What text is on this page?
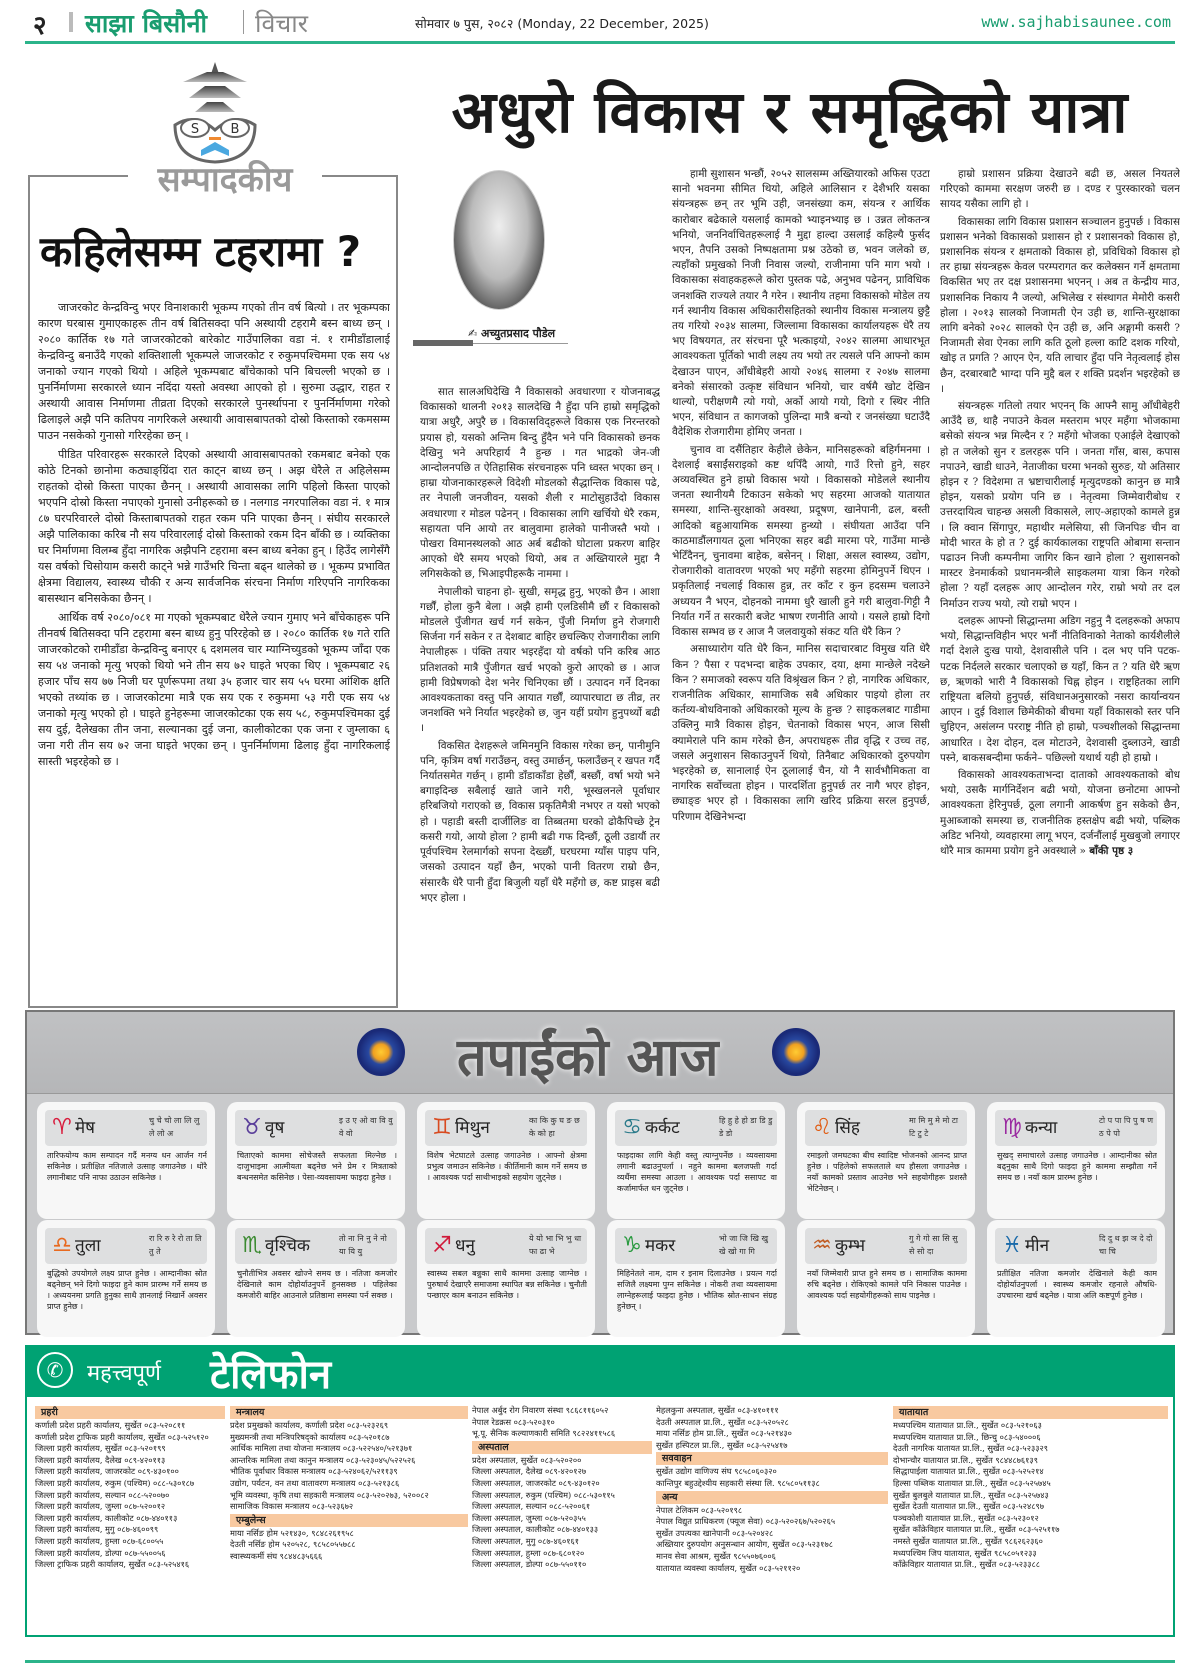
२ साझा बिसौनी विचार	सोमवार ७ पुस, २०८२ (Monday, 22 December, 2025)	www.sajhabisaunee.com
S B
सम्पादकीय
कहिलेसम्म टहरामा ?

जाजरकोट केन्द्रविन्दु भएर विनाशकारी भूकम्प गएको तीन वर्ष बित्यो । तर भूकम्पका कारण घरबास गुमाएकाहरू तीन वर्ष बितिसक्दा पनि अस्थायी टहरामै बस्न बाध्य छन् । २०८० कार्तिक १७ गते जाजरकोटको बारेकोट गाउँपालिका वडा नं. १ रामीडाँडालाई केन्द्रविन्दु बनाउँदै गएको शक्तिशाली भूकम्पले जाजरकोट र रुकुमपश्चिममा एक सय ५४ जनाको ज्यान गएको थियो । अहिले भूकम्पबाट बाँचेकाको पनि बिचल्ली भएको छ । पुनर्निर्माणमा सरकारले ध्यान नदिंदा यस्तो अवस्था आएको हो । सुरुमा उद्धार, राहत र अस्थायी आवास निर्माणमा तीव्रता दिएको सरकारले पुनर्स्थापना र पुनर्निर्माणमा गरेको ढिलाइले अझै पनि कतिपय नागरिकले अस्थायी आवासबापतको दोस्रो किस्ताको रकमसम्म पाउन नसकेको गुनासो गरिरहेका छन् ।

पीडित परिवारहरू सरकारले दिएको अस्थायी आवासबापतको रकमबाट बनेको एक कोठे टिनको छानोमा कठ्याङ्ग्रिंदा रात काट्न बाध्य छन् । अझ धेरैले त अहिलेसम्म राहतको दोस्रो किस्ता पाएका छैनन् । अस्थायी आवासका लागि पहिलो किस्ता पाएको भएपनि दोस्रो किस्ता नपाएको गुनासो उनीहरूको छ । नलगाड नगरपालिका वडा नं. १ मात्र ८७ घरपरिवारले दोस्रो किस्ताबापतको राहत रकम पनि पाएका छैनन् । संघीय सरकारले अझै पालिकाका करिब नौ सय परिवारलाई दोस्रो किस्ताको रकम दिन बाँकी छ । व्यक्तिका घर निर्माणमा विलम्ब हुँदा नागरिक अझैपनि टहरामा बस्न बाध्य बनेका हुन् । हिउँद लागेसँगै यस वर्षको चिसोयाम कसरी काट्ने भन्ने गाउँभरि चिन्ता बढ्न थालेको छ । भूकम्प प्रभावित क्षेत्रमा विद्यालय, स्वास्थ्य चौकी र अन्य सार्वजनिक संरचना निर्माण गरिएपनि नागरिकका बासस्थान बनिसकेका छैनन् ।

आर्थिक वर्ष २०८०/०८१ मा गएको भूकम्पबाट धेरैले ज्यान गुमाए भने बाँचेकाहरू पनि तीनवर्ष बितिसक्दा पनि टहरामा बस्न बाध्य हुनु परिरहेको छ । २०८० कार्तिक १७ गते राति जाजरकोटको रामीडाँडा केन्द्रविन्दु बनाएर ६ दशमलव चार म्याग्निच्युडको भूकम्प जाँदा एक सय ५४ जनाको मृत्यु भएको थियो भने तीन सय ७२ घाइते भएका थिए । भूकम्पबाट २६ हजार पाँच सय ७७ निजी घर पूर्णरूपमा तथा ३५ हजार चार सय ५५ घरमा आंशिक क्षति भएको तथ्यांक छ । जाजरकोटमा मात्रै एक सय एक र रुकुममा ५३ गरी एक सय ५४ जनाको मृत्यु भएको हो । घाइते हुनेहरूमा जाजरकोटका एक सय ५८, रुकुमपश्चिमका दुई सय दुई, दैलेखका तीन जना, सल्यानका दुई जना, कालीकोटका एक जना र जुम्लाका ६ जना गरी तीन सय ७२ जना घाइते भएका छन् । पुनर्निर्माणमा ढिलाइ हुँदा नागरिकलाई सास्ती भइरहेको छ ।

अधुरो विकास र समृद्धिको यात्रा
✍ अच्युतप्रसाद पौडेल

सात सालअघिदेखि नै विकासको अवधारणा र योजनाबद्ध विकासको थालनी २०१३ सालदेखि नै हुँदा पनि हाम्रो समृद्धिको यात्रा अधुरै, अपुरै छ । विकासविद्हरूले विकास एक निरन्तरको प्रयास हो, यसको अन्तिम बिन्दु हुँदैन भने पनि विकासको छनक देखिनु भने अपरिहार्य नै हुन्छ । गत भाद्रको जेन-जी आन्दोलनपछि त ऐतिहासिक संरचनाहरू पनि ध्वस्त भएका छन् । हाम्रा योजनाकारहरूले विदेशी मोडलको सैद्धान्तिक विकास पढे, तर नेपाली जनजीवन, यसको शैली र माटोसुहाउँदो विकास अवधारणा र मोडल पढेनन् । विकासका लागि खर्चियो धेरै रकम, सहायता पनि आयो तर बालुवामा हालेको पानीजस्तै भयो । पोखरा विमानस्थलको आठ अर्ब बढीको घोटाला प्रकरण बाहिर आएको धेरै समय भएको थियो, अब त अख्तियारले मुद्दा नै लगिसकेको छ, भिआइपीहरूकै नाममा ।

नेपालीको चाहना हो- सुखी, समृद्ध हुनु, भएको छैन । आशा गर्छौं, होला कुनै बेला । अझै हामी एलडिसीमै छौं र विकासको मोडलले पुँजीगत खर्च गर्न सकेन, पुँजी निर्माण हुने रोजगारी सिर्जना गर्न सकेन र त देशबाट बाहिर छचल्किए रोजगारीका लागि नेपालीहरू । पंक्ति तयार भइरहँदा यो वर्षको पनि करिब आठ प्रतिशतको मात्रै पुँजीगत खर्च भएको कुरो आएको छ । आज हामी विप्रेषणको देश भनेर चिनिएका छौं । उत्पादन गर्ने दिनका आवश्यकताका वस्तु पनि आयात गर्छौं, व्यापारघाटा छ तीव्र, तर जनशक्ति भने निर्यात भइरहेको छ, जुन यहीं प्रयोग हुनुपर्थ्यो बढी ।

विकसित देशहरूले जमिनमुनि विकास गरेका छन्, पानीमुनि पनि, कृत्रिम वर्षा गराउँछन्, वस्तु उमार्छन्, फलाउँछन् र खपत गर्दै निर्यातसमेत गर्छन् । हामी डाँडाकाँडा हेर्छौं, बस्छौं, वर्षा भयो भने बगाइदिन्छ सबैलाई खाते जाने गरी, भूस्खलनले पूर्वाधार हरिबजियो गराएको छ, विकास प्रकृतिमैत्री नभएर त यसो भएको हो । पहाडी बस्ती दार्जीलिङ वा तिब्बतमा घरको ढोकैपिच्छे ट्रेन कसरी गयो, आयो होला ? हामी बढी गफ दिन्छौं, ठूली उडायौं तर पूर्वपश्चिम रेलमार्गको सपना देख्छौं, घरघरमा ग्याँस पाइप पनि, जसको उत्पादन यहाँ छैन, भएको पानी वितरण राम्रो छैन, संसारकै धेरै पानी हुँदा बिजुली यहाँ धेरै महँगो छ, कष्ट प्राइस बढी भएर होला ।

हामी सुशासन भन्छौं, २०५२ सालसम्म अख्तियारको अफिस एउटा सानो भवनमा सीमित थियो, अहिले आलिसान र देशैभरि यसका संयन्त्रहरू छन् तर भूमि उही, जनसंख्या कम, संयन्त्र र आर्थिक कारोबार बढेकाले यसलाई कामको भ्याइनभ्याइ छ । उन्नत लोकतन्त्र भनियो, जननिर्वाचितहरूलाई नै मुद्दा हाल्दा उसलाई कहिल्यै फुर्सद भएन, तैपनि उसको निष्पक्षतामा प्रश्न उठेको छ, भवन जलेको छ, त्यहाँको प्रमुखको निजी निवास जल्यो, राजीनामा पनि माग भयो । विकासका संवाहकहरूले कोरा पुस्तक पढे, अनुभव पढेनन्, प्राविधिक जनशक्ति राज्यले तयार नै गरेन । स्थानीय तहमा विकासको मोडेल तय गर्न स्थानीय विकास अधिकारीसहितको स्थानीय विकास मन्त्रालय छुट्टै तय गरियो २०३४ सालमा, जिल्लामा विकासका कार्यालयहरू धेरै तय भए विषयगत, तर संरचना पूरै भत्काइयो, २०४२ सालमा आधारभूत आवश्यकता पूर्तिको भावी लक्ष्य तय भयो तर त्यसले पनि आफ्नो काम देखाउन पाएन, आँधीबेहरी आयो २०४६ सालमा र २०४७ सालमा बनेको संसारको उत्कृष्ट संविधान भनियो, चार वर्षमै खोट देखिन थाल्यो, परीक्षणमै त्यो गयो, अर्को आयो गयो, दिगो र स्थिर नीति भएन, संविधान त कागजको पुलिन्दा मात्रै बन्यो र जनसंख्या घटाउँदै वैदेशिक रोजगारीमा होमिए जनता ।

चुनाव वा दसैंतिहार केहीले छेकेन, मानिसहरूको बहिर्गमनमा । देशलाई बसाईंसराइको कष्ट थपिँदै आयो, गाउँ रित्तो हुने, सहर अव्यवस्थित हुने हाम्रो विकास भयो । विकासको मोडेलले स्थानीय जनता स्थानीयमै टिकाउन सकेको भए सहरमा आजको यातायात समस्या, शान्ति-सुरक्षाको अवस्था, प्रदूषण, खानेपानी, ढल, बस्ती आदिको बहुआयामिक समस्या हुन्थ्यो । संघीयता आउँदा पनि काठमाडौंलगायत ठूला भनिएका सहर बढी मारमा परे, गाउँमा मान्छे भेटिँदैनन्, चुनावमा बाहेक, बसेनन् । शिक्षा, असल स्वास्थ्य, उद्योग, रोजगारीको वातावरण भएको भए महँगो सहरमा होमिनुपर्ने थिएन । प्रकृतिलाई नचलाई विकास हुन्न, तर काँट र कुन हदसम्म चलाउने अध्ययन नै भएन, दोहनको नाममा धुरै खाली हुने गरी बालुवा-गिट्टी नै निर्यात गर्ने त सरकारी बजेट भाषण रणनीति आयो । यसले हाम्रो दिगो विकास सम्भव छ र आज नै जलवायुको संकट यति धेरै किन ?

असाध्यारोग यति धेरै किन, मानिस सदाचारबाट विमुख यति धेरै किन ? पैसा र पदभन्दा बाहेक उपकार, दया, क्षमा मान्छेले नदेख्ने किन ? समाजको स्वरूप यति विश्रृंखल किन ? हो, नागरिक अधिकार, राजनीतिक अधिकार, सामाजिक सबै अधिकार पाइयो होला तर कर्तव्य-बोधविनाको अधिकारको मूल्य के हुन्छ ? साइकलबाट गाडीमा उक्लिनु मात्रै विकास होइन, चेतनाको विकास भएन, आज सिसी क्यामेराले पनि काम गरेको छैन, अपराधहरू तीव्र वृद्धि र उच्च तह, जसले अनुशासन सिकाउनुपर्ने थियो, तिनैबाट अधिकारको दुरुपयोग भइरहेको छ, सानालाई ऐन ठूलालाई चैन, यो नै सार्वभौमिकता वा नागरिक सर्वोच्चता होइन । पारदर्शिता हुनुपर्छ तर नागै भएर होइन, छ्याङ्ङ भएर हो । विकासका लागि खरिद प्रक्रिया सरल हुनुपर्छ, परिणाम देखिनेभन्दा

हाम्रो प्रशासन प्रक्रिया देखाउने बढी छ, असल नियतले गरिएको काममा सरक्षण जरुरी छ । दण्ड र पुरस्कारको चलन सायद यसैका लागि हो ।

विकासका लागि विकास प्रशासन सञ्चालन हुनुपर्छ । विकास प्रशासन भनेको विकासको प्रशासन हो र प्रशासनको विकास हो, प्रशासनिक संयन्त्र र क्षमताको विकास हो, प्रविधिको विकास हो तर हाम्रा संयन्त्रहरू केवल परम्परागत कर कलेक्सन गर्ने क्षमतामा विकसित भए तर दक्ष प्रशासनमा भएनन् । अब त केन्द्रीय माउ, प्रशासनिक निकाय नै जल्यो, अभिलेख र संस्थागत मेमोरी कसरी होला । २०१३ सालको निजामती ऐन उही छ, शान्ति-सुरक्षाका लागि बनेको २०२८ सालको ऐन उही छ, अनि अङ्गामी कसरी ? निजामती सेवा ऐनका लागि कति ठूलो हल्ला काटि दशक गरियो, खोइ त प्रगति ? आएन ऐन, यति लाचार हुँदा पनि नेतृत्वलाई होस छैन, दरबारबाटै भाग्दा पनि मुद्दै बल र शक्ति प्रदर्शन भइरहेको छ ।

संयन्त्रहरू गतिलो तयार भएनन् कि आफ्नै सामु आँधीबेहरी आउँदै छ, थाहै नपाउने केवल मस्तराम भएर महँगा भोजकामा बसेको संयन्त्र भन्न मिल्दैन र ? महँगो भोजका एआईले देखाएको हो त जलेको सुन र डलरहरू पनि । जनता गाँस, बास, कपास नपाउने, खाडी धाउने, नेताजीका घरमा भनको सुरुङ, यो अतिसार होइन र ? विदेशमा त भ्रष्टाचारीलाई मृत्युदण्डको कानुन छ मात्रै होइन, यसको प्रयोग पनि छ । नेतृत्वमा जिम्मेवारीबोध र उत्तरदायित्व चाहन्छ असली विकासले, लाए-अहाएको कामले हुन्न । लि क्वान सिंगापुर, महाथीर मलेसिया, सी जिनपिङ चीन वा मोदी भारत के हो त ? दुई कार्यकालका राष्ट्रपति ओबामा सन्तान पढाउन निजी कम्पनीमा जागिर किन खाने होला ? सुशासनको मास्टर डेनमार्कको प्रधानमन्त्रीले साइकलमा यात्रा किन गरेको होला ? यहाँ दलहरू आए आन्दोलन गरेर, राम्रो भयो तर दल निर्माउन राज्य भयो, त्यो राम्रो भएन ।

दलहरू आफ्नो सिद्धान्तमा अडिग नहुनु नै दलहरूको अफाप भयो, सिद्धान्तविहीन भएर भनौं नीतिविनाको नेताको कार्यशैलीले गर्दा देशले दुःख पायो, देशवासीले पनि । दल भए पनि पटक-पटक निर्दलले सरकार चलाएको छ यहाँ, किन त ? यति धेरै ऋण छ, ऋणको भारी नै विकासको चिह्न होइन । राष्ट्रहितका लागि राष्ट्रियता बलियो हुनुपर्छ, संविधानअनुसारको नसरा कार्यान्वयन आएन । दुई विशाल छिमेकीको बीचमा यहाँ विकासको स्तर पनि चुहिएन, असंलग्न परराष्ट्र नीति हो हाम्रो, पञ्चशीलको सिद्धान्तमा आधारित । देश दोहन, दल मोटाउने, देशवासी दुब्लाउने, खाडी पस्ने, बाकसबन्दीमा फर्कने– पछिल्लो यथार्थ यही हो हाम्रो ।

विकासको आवश्यकताभन्दा दाताको आवश्यकताको बोध भयो, उसकै मार्गनिर्देशन बढी भयो, योजना छनोटमा आफ्नो आवश्यकता हेरिनुपर्छ, ठूला लगानी आकर्षण हुन सकेको छैन, मुआब्जाको समस्या छ, राजनीतिक हस्तक्षेप बढी भयो, पब्लिक अडिट भनियो, व्यवहारमा लागू भएन, दर्जनौंलाई मुखबुजो लगाएर थोरै मात्र काममा प्रयोग हुने अवस्थाले » बाँकी पृष्ठ ३

तपाईंको आज
♈ मेष	चु चे चो ला लि लु ले लो अ
तारिफयोग्य काम सम्पादन गर्दै मनग्य धन आर्जन गर्न सकिनेछ । प्रतीक्षित नतिजाले उत्साह जगाउनेछ । थोरै लगानीबाट पनि नाफा उठाउन सकिनेछ ।
♉ वृष	इ उ ए ओ वा वि वु वे वो
चिताएको काममा सोचेजस्तै सफलता मिल्नेछ । दाजुभाइमा आत्मीयता बढ्नेछ भने प्रेम र मित्रताको बन्धनसमेत कसिनेछ । पेसा-व्यवसायमा फाइदा हुनेछ ।
♊ मिथुन	का कि कु घ ङ छ के को हा
विशेष भेटघाटले उत्साह जगाउनेछ । आफ्नो क्षेत्रमा प्रभुत्व जमाउन सकिनेछ । कीर्तिमानी काम गर्ने समय छ । आवश्यक पर्दा साथीभाइको सहयोग जुट्नेछ ।
♋ कर्कट	हि हु हे हो डा डि डु डे डो
फाइदाका लागि केही वस्तु त्याग्नुपर्नेछ । व्यवसायमा लगानी बढाउनुपर्ला । नहुने काममा बलजफ्ती गर्दा व्यर्थैमा समस्या आउला । आवश्यक पर्दा ससापट वा कर्जामार्फत धन जुट्नेछ ।
♌ सिंह	मा मि मु मे मो टा टि टु टे
रमाइलो जमघटका बीच स्वादिष्ट भोजनको आनन्द प्राप्त हुनेछ । पहिलेको सफलताले थप हौसला जगाउनेछ । नयाँ कामको प्रस्ताव आउनेछ भने सहयोगीहरू प्रशस्तै भेटिनेछन् ।
♍ कन्या	टो प पा पि पु ष ण ठ पे पो
सुखद् समाचारले उत्साह जगाउनेछ । आम्दानीका स्रोत बढ्नुका साथै दिगो फाइदा हुने काममा सम्झौता गर्ने समय छ । नयाँ काम प्रारम्भ हुनेछ ।
♎ तुला	रा रि रु रे रो ता ति तु ते
बुद्धिको उपयोगले लक्ष्य प्राप्त हुनेछ । आम्दानीका स्रोत बढ्नेछन् भने दिगो फाइदा हुने काम प्रारम्भ गर्ने समय छ । अध्ययनमा प्रगति हुनुका साथै ज्ञानलाई निखार्ने अवसर प्राप्त हुनेछ ।
♏ वृश्चिक	तो ना नि नु ने नो या यि यु
चुनौतीभित्र अवसर खोज्ने समय छ । नतिजा कमजोर देखिनाले काम दोहोर्याउनुपर्ने हुनसक्छ । पहिलेका कमजोरी बाहिर आउनाले प्रतिष्ठामा समस्या पर्न सक्छ ।
♐ धनु	ये यो भा भि भु धा फा ढा भे
स्वास्थ्य सबल बन्नुका साथै काममा उत्साह जाग्नेछ । पुरुषार्थ देखाएरै समाजमा स्थापित बन्न सकिनेछ । चुनौती पन्छाएर काम बनाउन सकिनेछ ।
♑ मकर	भो जा जि खि खु खे खो गा गि
मिहिनेतले नाम, दाम र इनाम दिलाउनेछ । प्रयत्न गर्दा सजिलै लक्ष्यमा पुग्न सकिनेछ । नोकरी तथा व्यवसायमा लाग्नेहरूलाई फाइदा हुनेछ । भौतिक स्रोत-साधन संग्रह हुनेछन् ।
♒ कुम्भ	गु गे गो सा सि सु से सो दा
नयाँ जिम्मेवारी प्राप्त हुने समय छ । सामाजिक काममा रुचि बढ्नेछ । रोकिएको कामले पनि निकास पाउनेछ । आवश्यक पर्दा सहयोगीहरूको साथ पाइनेछ ।
♓ मीन	दि दु थ झ ञ दे दो चा चि
प्रतीक्षित नतिजा कमजोर देखिनाले केही काम दोहोर्याउनुपर्ला । स्वास्थ्य कमजोर रहनाले औषधि-उपचारमा खर्च बढ्नेछ । यात्रा अलि कष्टपूर्ण हुनेछ ।
✆	महत्त्वपूर्ण टेलिफोन
प्रहरी
कर्णाली प्रदेश प्रहरी कार्यालय, सुर्खेत ०८३-५२०८११
कर्णाली प्रदेश ट्राफिक प्रहरी कार्यालय, सुर्खेत ०८३-५२५१२०
जिल्ला प्रहरी कार्यालय, सुर्खेत ०८३-५२०१९९
जिल्ला प्रहरी कार्यालय, दैलेख ०८९-४२०११३
जिल्ला प्रहरी कार्यालय, जाजरकोट ०८९-४३०१००
जिल्ला प्रहरी कार्यालय, रुकुम (पश्चिम) ०८८-५३०१८७
जिल्ला प्रहरी कार्यालय, सल्यान ०८८-५२००७०
जिल्ला प्रहरी कार्यालय, जुम्ला ०८७-५२००१२
जिल्ला प्रहरी कार्यालय, कालीकोट ०८७-४४०११३
जिल्ला प्रहरी कार्यालय, मुगु ०८७-४६००९९
जिल्ला प्रहरी कार्यालय, हुम्ला ०८७-६८००५५
जिल्ला प्रहरी कार्यालय, डोल्पा ०८७-५५००५६
जिल्ला ट्राफिक प्रहरी कार्यालय, सुर्खेत ०८३-५२५४१६
मन्त्रालय
प्रदेश प्रमुखको कार्यालय, कर्णाली प्रदेश ०८३-५२३२६९
मुख्यमन्त्री तथा मन्त्रिपरिषद्को कार्यालय ०८३-५२०१८७
आर्थिक मामिला तथा योजना मन्त्रालय ०८३-५२२५४०/५२१३७१
आन्तरिक मामिला तथा कानुन मन्त्रालय ०८३-५२३०४५/५२२५२६
भौतिक पूर्वाधार विकास मन्त्रालय ०८३-५२४०६२/५२११३९
उद्योग, पर्यटन, वन तथा वातावरण मन्त्रालय ०८३-५२१३८६
भूमि व्यवस्था, कृषि तथा सहकारी मन्त्रालय ०८३-५२०२७३, ५२००८२
सामाजिक विकास मन्त्रालय ०८३-५२३६७२
एम्बुलेन्स
माया नर्सिङ होम ५२१४३०, ९८४८२६१९५८
देउती नर्सिङ होम ५२०५२८, ९८५८०५५७८८
स्वास्थ्यकर्मी संघ ९८४४८३५६६६
नेपाल अर्बुद रोग निवारण संस्था ९८६८११६०५२
नेपाल रेडक्रस ०८३-५२०३१०
भू.पू. सैनिक कल्याणकारी समिति ९८२२४११५८६
अस्पताल
प्रदेश अस्पताल, सुर्खेत ०८३-५२०२००
जिल्ला अस्पताल, दैलेख ०८९-४२०१२७
जिल्ला अस्पताल, जाजरकोट ०८९-४३०१२०
जिल्ला अस्पताल, रुकुम (पश्चिम) ०८८-५३०११५
जिल्ला अस्पताल, सल्यान ०८८-५२००६१
जिल्ला अस्पताल, जुम्ला ०८७-५२०३५५
जिल्ला अस्पताल, कालीकोट ०८७-४४०१३३
जिल्ला अस्पताल, मुगु ०८७-४६०१६१
जिल्ला अस्पताल, हुम्ला ०८७-६८०१२०
जिल्ला अस्पताल, डोल्पा ०८७-५५०११०
मेहलकुना अस्पताल, सुर्खेत ०८३-४१०१११
देउती अस्पताल प्रा.लि., सुर्खेत ०८३-५२०५२८
माया नर्सिङ होम प्रा.लि., सुर्खेत ०८३-५२१४३०
सुर्खेत हस्पिटल प्रा.लि., सुर्खेत ०८३-५२५४१७
सववाहन
सुर्खेत उद्योग वाणिज्य संघ ९८५८०६०३२०
कान्तिपुर बहुउद्देश्यीय सहकारी संस्था लि. ९८५८०५११३८
अन्य
नेपाल टेलिकम ०८३-५२०१९८
नेपाल विद्युत प्राधिकरण (फ्यूज सेवा) ०८३-५२०२६७/५२०२६५
सुर्खेत उपत्यका खानेपानी ०८३-५२०४२८
अख्तियार दुरुपयोग अनुसन्धान आयोग, सुर्खेत ०८३-५२३१७८
मानव सेवा आश्रम, सुर्खेत ९८५५०७६००६
यातायात व्यवस्था कार्यालय, सुर्खेत ०८३-५२११२०
यातायात
मध्यपश्चिम यातायात प्रा.लि., सुर्खेत ०८३-५२१०६३
मध्यपश्चिम यातायात प्रा.लि., छिन्चु ०८३-५४०००६
देउती नागरिक यातायत प्रा.लि., सुर्खेत ०८३-५२३३२९
दोभान्चौर यातायात प्रा.लि., सुर्खेत ९८४४८७६१३९
सिद्धापाईला यातायात प्रा.लि., सुर्खेत ०८३-५२५२१४
हिल्सा पब्लिक यातायात प्रा.लि., सुर्खेत ०८३-५२५७४५
सुर्खेत बुलबुले यातायात प्रा.लि., सुर्खेत ०८३-५२५७४३
सुर्खेत देउती यातायात प्रा.लि., सुर्खेत ०८३-५२४८९७
पञ्चकोशी यातायात प्रा.लि., सुर्खेत ०८३-५२३०१२
सुर्खेत काँक्रेविहार यातायात प्रा.लि., सुर्खेत ०८३-५२५११७
नमस्ते सुर्खेत यातायात प्रा.लि., सुर्खेत ९८६२६२३६०
मध्यपश्चिम जिप यातायात, सुर्खेत ९८५८०५१२३३
काँक्रेविहार यातायात प्रा.लि., सुर्खेत ०८३-५२३३८८
